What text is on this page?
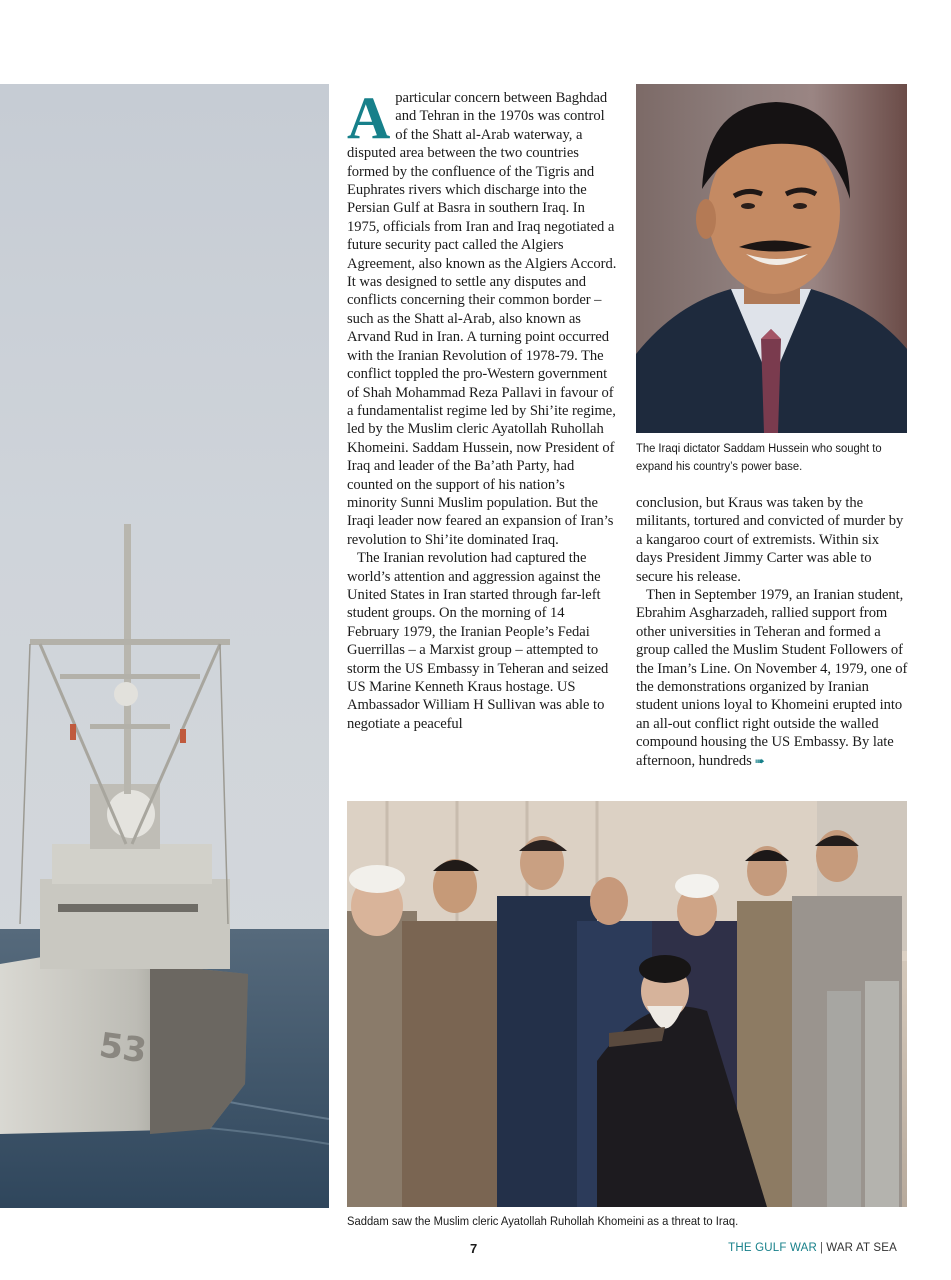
53

Aparticular concern between Baghdad and Tehran in the 1970s was control of the Shatt al-Arab waterway, a disputed area between the two countries formed by the confluence of the Tigris and Euphrates rivers which discharge into the Persian Gulf at Basra in southern Iraq. In 1975, officials from Iran and Iraq negotiated a future security pact called the Algiers Agreement, also known as the Algiers Accord. It was designed to settle any disputes and conflicts concerning their common border – such as the Shatt al-Arab, also known as Arvand Rud in Iran. A turning point occurred with the Iranian Revolution of 1978-79. The conflict toppled the pro-Western government of Shah Mohammad Reza Pallavi in favour of a fundamentalist regime led by Shi’ite regime, led by the Muslim cleric Ayatollah Ruhollah Khomeini. Saddam Hussein, now President of Iraq and leader of the Ba’ath Party, had counted on the support of his nation’s minority Sunni Muslim population. But the Iraqi leader now feared an expansion of Iran’s revolution to Shi’ite dominated Iraq.

The Iranian revolution had captured the world’s attention and aggression against the United States in Iran started through far-left student groups. On the morning of 14 February 1979, the Iranian People’s Fedai Guerrillas – a Marxist group – attempted to storm the US Embassy in Teheran and seized US Marine Kenneth Kraus hostage. US Ambassador William H Sullivan was able to negotiate a peaceful

conclusion, but Kraus was taken by the militants, tortured and convicted of murder by a kangaroo court of extremists. Within six days President Jimmy Carter was able to secure his release.

Then in September 1979, an Iranian student, Ebrahim Asgharzadeh, rallied support from other universities in Teheran and formed a group called the Muslim Student Followers of the Iman’s Line. On November 4, 1979, one of the demonstrations organized by Iranian student unions loyal to Khomeini erupted into an all-out conflict right outside the walled compound housing the US Embassy. By late afternoon, hundreds ➠

The Iraqi dictator Saddam Hussein who sought to expand his country’s power base.
Saddam saw the Muslim cleric Ayatollah Ruhollah Khomeini as a threat to Iraq.
7	THE GULF WAR | WAR AT SEA
